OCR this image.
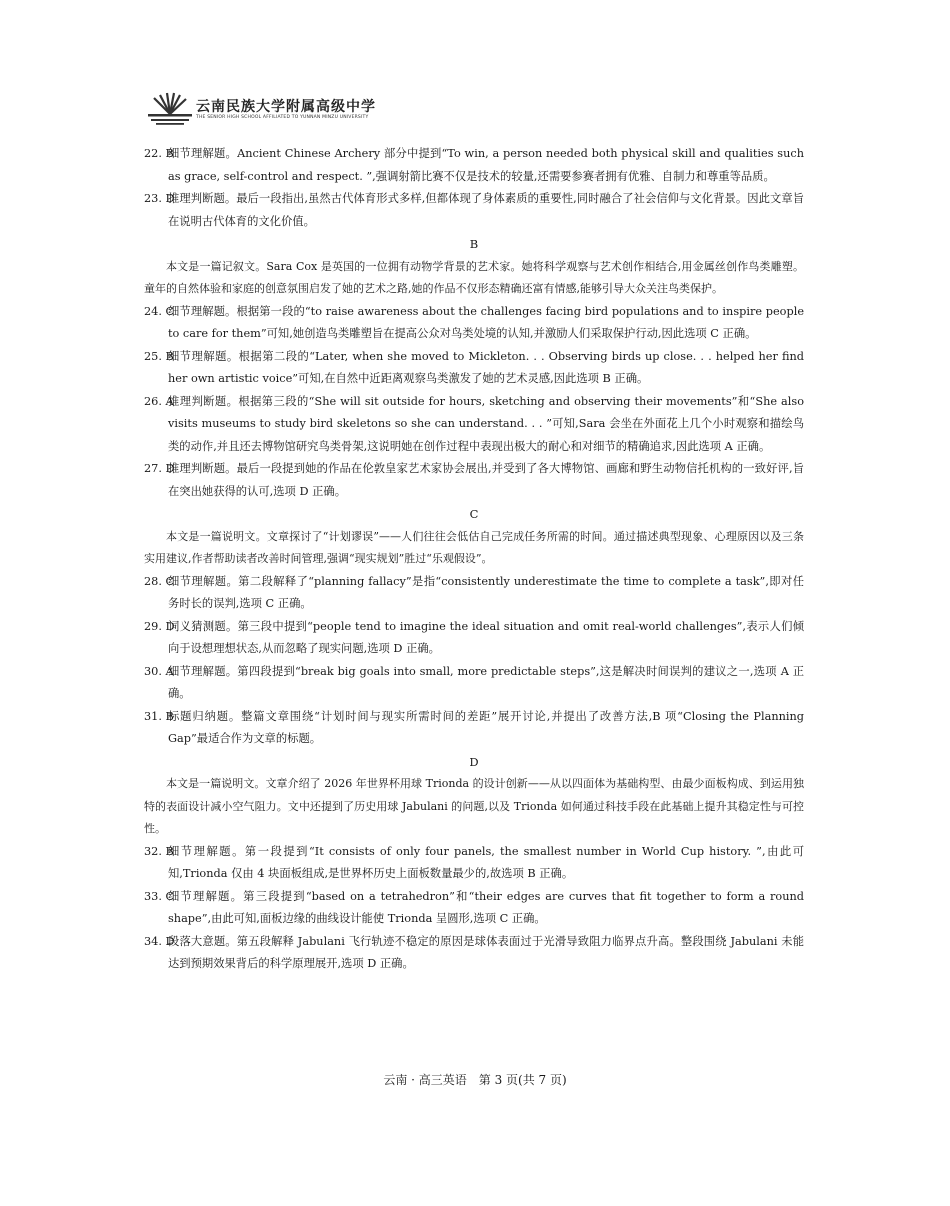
云南民族大学附属高级中学
THE SENIOR HIGH SCHOOL AFFILIATED TO YUNNAN MINZU UNIVERSITY
22. B
细节理解题。Ancient Chinese Archery 部分中提到“To win, a person needed both physical skill and qualities such as grace, self-control and respect. ”,强调射箭比赛不仅是技术的较量,还需要参赛者拥有优雅、自制力和尊重等品质。
23. D
推理判断题。最后一段指出,虽然古代体育形式多样,但都体现了身体素质的重要性,同时融合了社会信仰与文化背景。因此文章旨在说明古代体育的文化价值。
B
本文是一篇记叙文。Sara Cox 是英国的一位拥有动物学背景的艺术家。她将科学观察与艺术创作相结合,用金属丝创作鸟类雕塑。童年的自然体验和家庭的创意氛围启发了她的艺术之路,她的作品不仅形态精确还富有情感,能够引导大众关注鸟类保护。
24. C
细节理解题。根据第一段的“to raise awareness about the challenges facing bird populations and to inspire people to care for them”可知,她创造鸟类雕塑旨在提高公众对鸟类处境的认知,并激励人们采取保护行动,因此选项 C 正确。
25. B
细节理解题。根据第二段的“Later, when she moved to Mickleton. . . Observing birds up close. . . helped her find her own artistic voice”可知,在自然中近距离观察鸟类激发了她的艺术灵感,因此选项 B 正确。
26. A
推理判断题。根据第三段的“She will sit outside for hours, sketching and observing their movements”和“She also visits museums to study bird skeletons so she can understand. . . ”可知,Sara 会坐在外面花上几个小时观察和描绘鸟类的动作,并且还去博物馆研究鸟类骨架,这说明她在创作过程中表现出极大的耐心和对细节的精确追求,因此选项 A 正确。
27. D
推理判断题。最后一段提到她的作品在伦敦皇家艺术家协会展出,并受到了各大博物馆、画廊和野生动物信托机构的一致好评,旨在突出她获得的认可,选项 D 正确。
C
本文是一篇说明文。文章探讨了“计划谬误”——人们往往会低估自己完成任务所需的时间。通过描述典型现象、心理原因以及三条实用建议,作者帮助读者改善时间管理,强调“现实规划”胜过“乐观假设”。
28. C
细节理解题。第二段解释了“planning fallacy”是指“consistently underestimate the time to complete a task”,即对任务时长的误判,选项 C 正确。
29. D
词义猜测题。第三段中提到“people tend to imagine the ideal situation and omit real-world challenges”,表示人们倾向于设想理想状态,从而忽略了现实问题,选项 D 正确。
30. A
细节理解题。第四段提到“break big goals into small, more predictable steps”,这是解决时间误判的建议之一,选项 A 正确。
31. B
标题归纳题。整篇文章围绕“计划时间与现实所需时间的差距”展开讨论,并提出了改善方法,B 项“Closing the Planning Gap”最适合作为文章的标题。
D
本文是一篇说明文。文章介绍了 2026 年世界杯用球 Trionda 的设计创新——从以四面体为基础构型、由最少面板构成、到运用独特的表面设计减小空气阻力。文中还提到了历史用球 Jabulani 的问题,以及 Trionda 如何通过科技手段在此基础上提升其稳定性与可控性。
32. B
细节理解题。第一段提到“It consists of only four panels, the smallest number in World Cup history. ”,由此可知,Trionda 仅由 4 块面板组成,是世界杯历史上面板数量最少的,故选项 B 正确。
33. C
细节理解题。第三段提到“based on a tetrahedron”和“their edges are curves that fit together to form a round shape”,由此可知,面板边缘的曲线设计能使 Trionda 呈圆形,选项 C 正确。
34. D
段落大意题。第五段解释 Jabulani 飞行轨迹不稳定的原因是球体表面过于光滑导致阻力临界点升高。整段围绕 Jabulani 未能达到预期效果背后的科学原理展开,选项 D 正确。
云南 · 高三英语　第 3 页(共 7 页)
